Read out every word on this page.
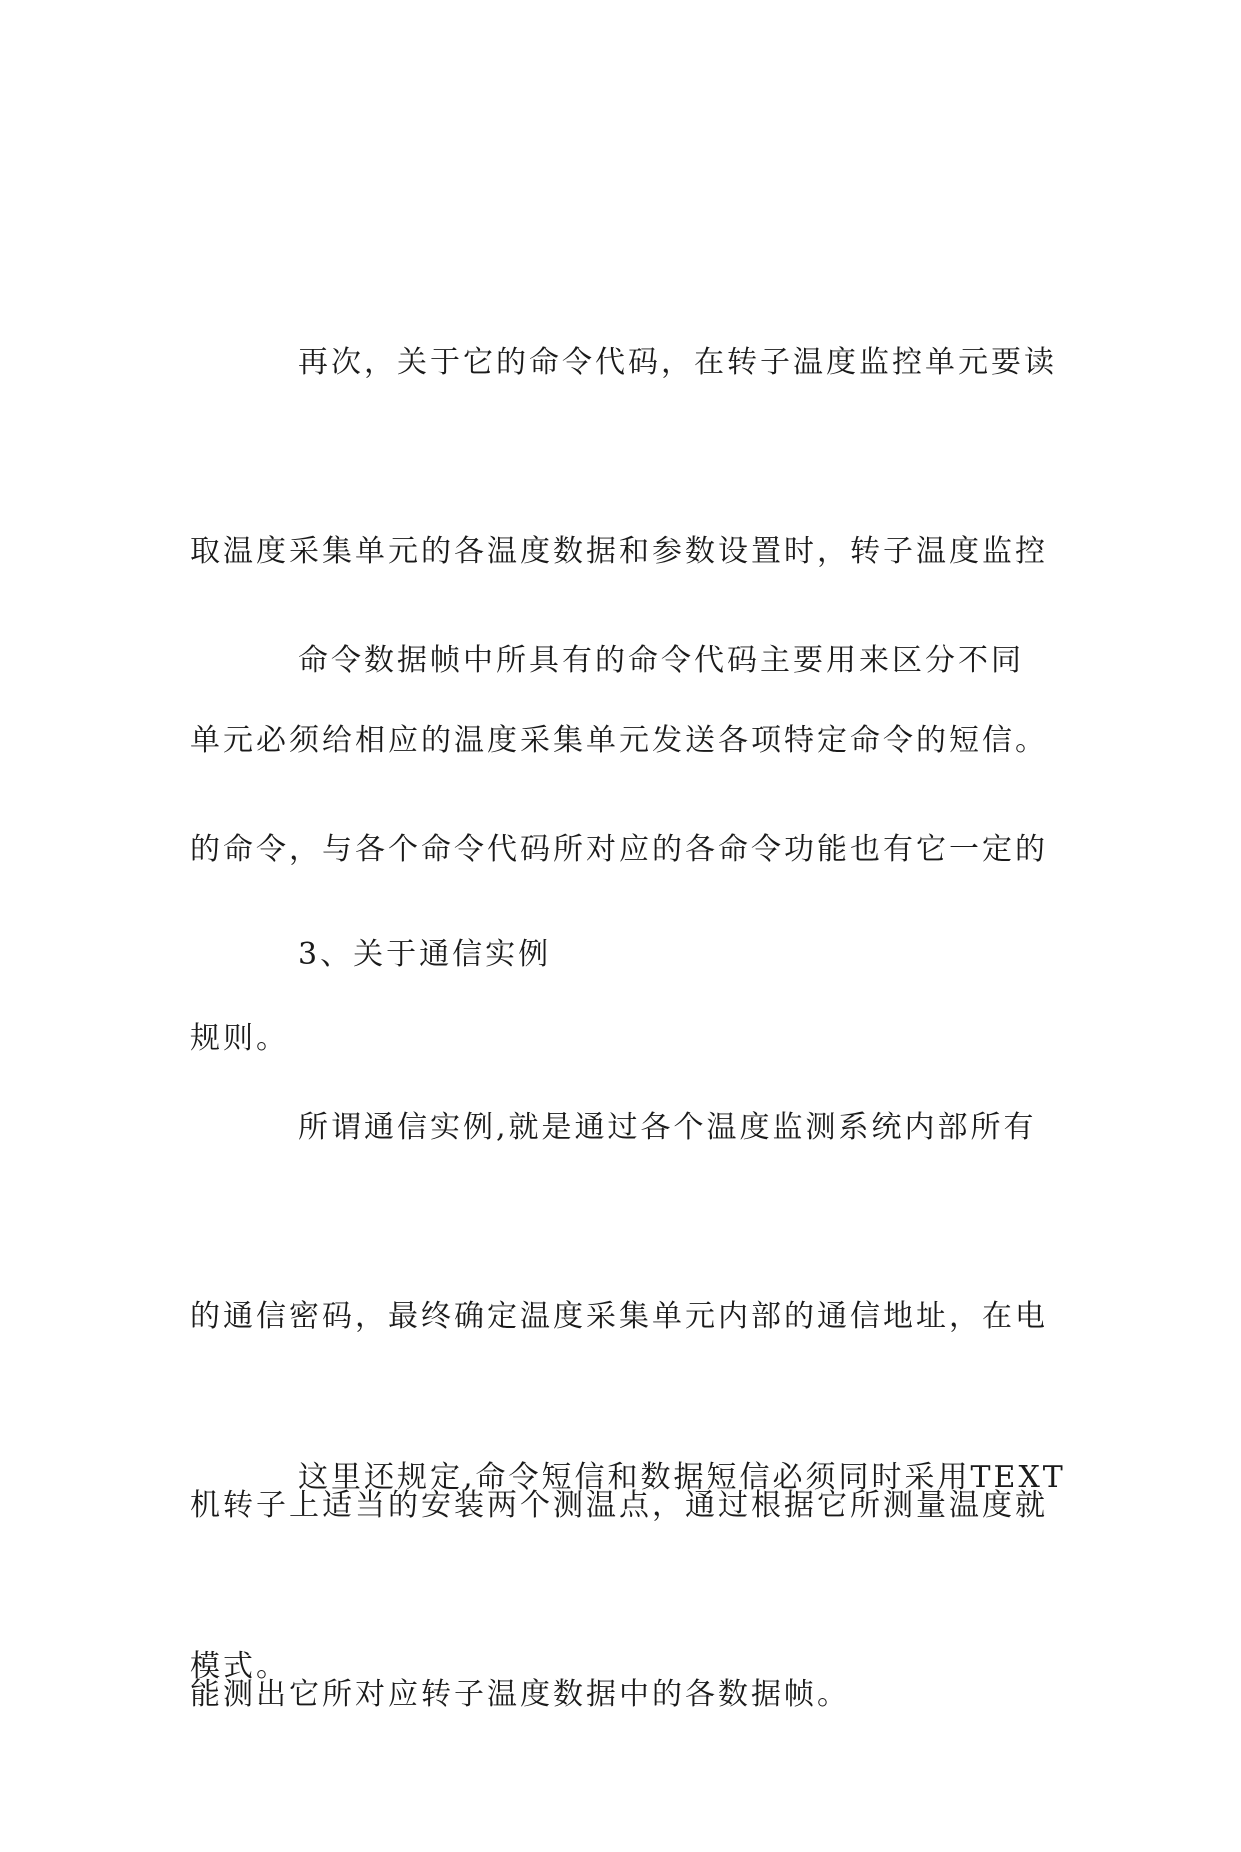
再次，关于它的命令代码，在转子温度监控单元要读

取温度采集单元的各温度数据和参数设置时，转子温度监控

单元必须给相应的温度采集单元发送各项特定命令的短信。

命令数据帧中所具有的命令代码主要用来区分不同

的命令，与各个命令代码所对应的各命令功能也有它一定的

规则。

3、关于通信实例

所谓通信实例,就是通过各个温度监测系统内部所有

的通信密码，最终确定温度采集单元内部的通信地址，在电

机转子上适当的安装两个测温点，通过根据它所测量温度就

能测出它所对应转子温度数据中的各数据帧。

这里还规定,命令短信和数据短信必须同时采用TEXT

模式。
